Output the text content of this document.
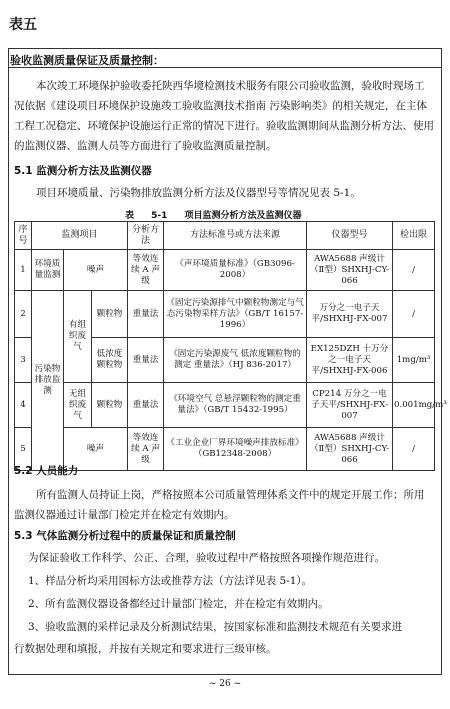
表五
验收监测质量保证及质量控制：

本次竣工环境保护验收委托陕西华境检测技术服务有限公司验收监测，验收时现场工况依据《建设项目环境保护设施竣工验收监测技术指南 污染影响类》的相关规定，在主体工程工况稳定、环境保护设施运行正常的情况下进行。验收监测期间从监测分析方法、使用的监测仪器、监测人员等方面进行了验收监测质量控制。

5.1 监测分析方法及监测仪器

项目环境质量、污染物排放监测分析方法及仪器型号等情况见表 5-1。

表 5-1 项目监测分析方法及监测仪器
序号	监测项目			分析方法	方法标准号或方法来源	仪器型号	检出限
1	环境质量监测	噪声		等效连续 A 声级	《声环境质量标准》（GB3096-2008）	AWA5688 声级计（Ⅱ型）SHXHJ-CY-066	/
2	污染物排放监测	有组织废气	颗粒物	重量法	《固定污染源排气中颗粒物测定与气态污染物采样方法》（GB/T 16157-1996）	万分之一电子天平/SHXHJ-FX-007	/
3			低浓度颗粒物	重量法	《固定污染源废气 低浓度颗粒物的测定 重量法》（HJ 836-2017）	EX125DZH 十万分之一电子天平/SHXHJ-FX-006	1mg/m³
4		无组织废气	颗粒物	重量法	《环境空气 总悬浮颗粒物的测定重量法》（GB/T 15432-1995）	CP214 万分之一电子天平/SHXHJ-FX-007	0.001mg/m³
5		噪声		等效连续 A 声级	《工业企业厂界环境噪声排放标准》（GB12348-2008）	AWA5688 声级计（Ⅱ型）SHXHJ-CY-066	/
5.2 人员能力

所有监测人员持证上岗，严格按照本公司质量管理体系文件中的规定开展工作；所用监测仪器通过计量部门检定并在检定有效期内。

5.3 气体监测分析过程中的质量保证和质量控制
为保证验收工作科学、公正、合理，验收过程中严格按照各项操作规范进行。
1、样品分析均采用国标方法或推荐方法（方法详见表 5-1）。
2、所有监测仪器设备都经过计量部门检定，并在检定有效期内。
3、验收监测的采样记录及分析测试结果，按国家标准和监测技术规范有关要求进
行数据处理和填报，并按有关规定和要求进行三级审核。
~ 26 ~
